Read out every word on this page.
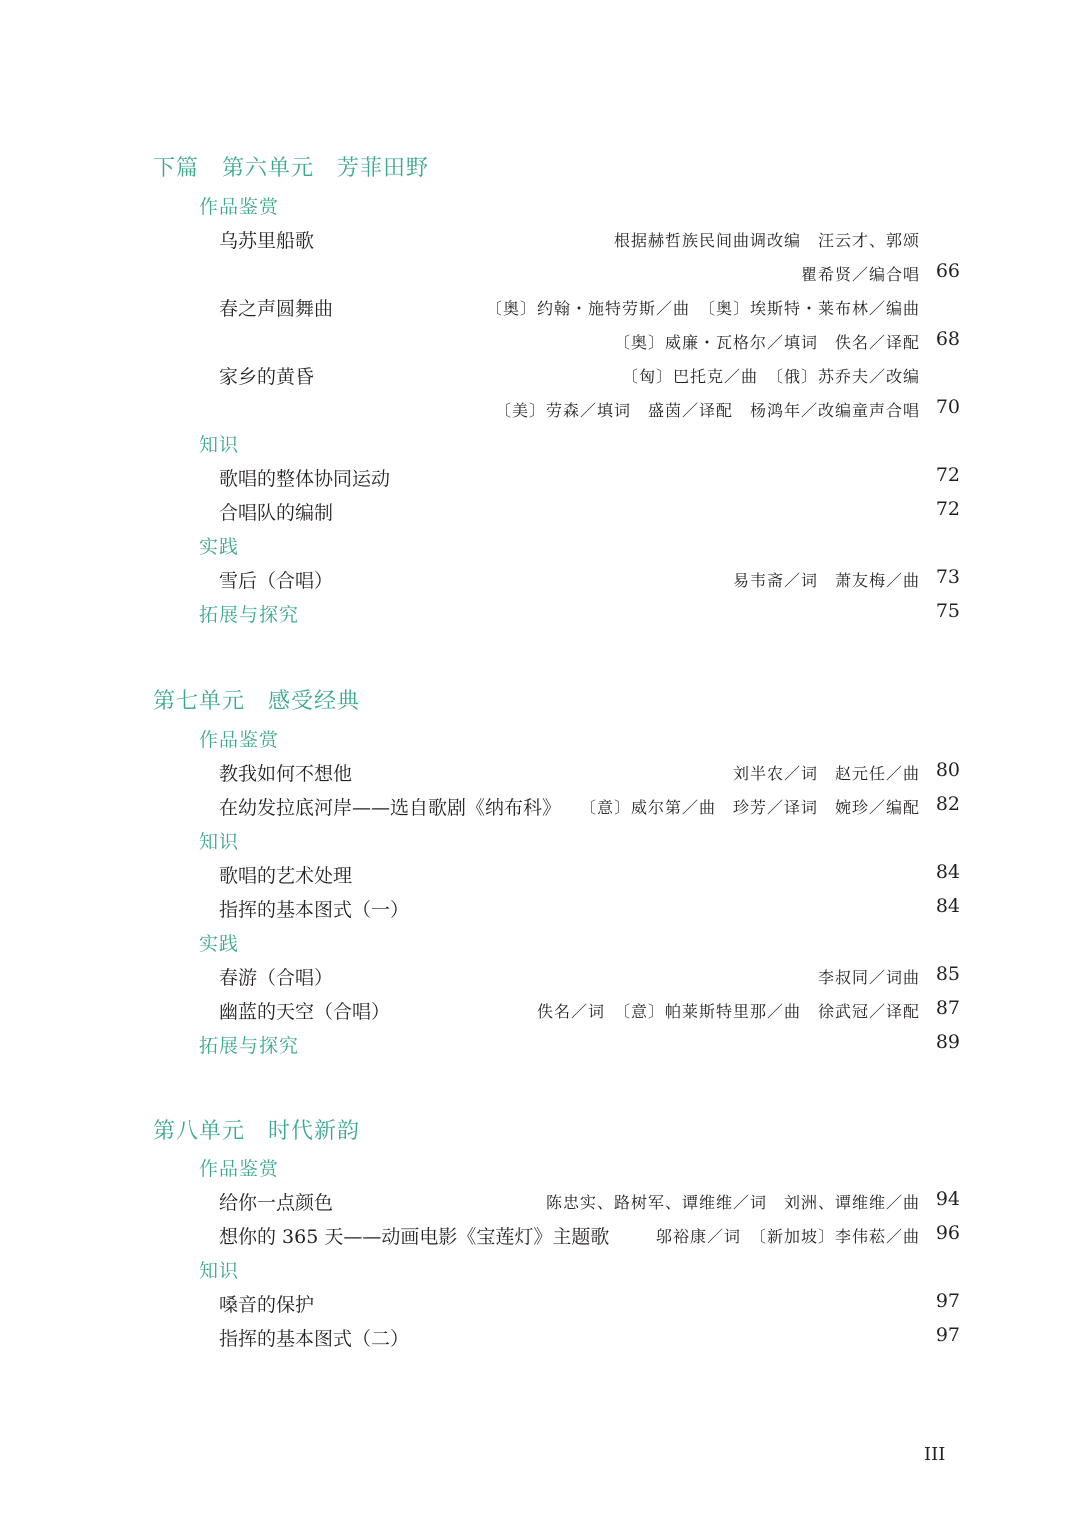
下篇　第六单元　芳菲田野
作品鉴赏
乌苏里船歌	根据赫哲族民间曲调改编　汪云才、郭颂
瞿希贤／编合唱 66
春之声圆舞曲	〔奥〕约翰・施特劳斯／曲　〔奥〕埃斯特・莱布林／编曲
〔奥〕威廉・瓦格尔／填词　佚名／译配 68
家乡的黄昏	〔匈〕巴托克／曲　〔俄〕苏乔夫／改编
〔美〕劳森／填词　盛茵／译配　杨鸿年／改编童声合唱 70
知识
歌唱的整体协同运动	72
合唱队的编制	72
实践
雪后（合唱）	易韦斋／词　萧友梅／曲 73
拓展与探究	75
第七单元　感受经典
作品鉴赏
教我如何不想他	刘半农／词　赵元任／曲 80
在幼发拉底河岸——选自歌剧《纳布科》 〔意〕威尔第／曲　珍芳／译词　婉珍／编配 82
知识
歌唱的艺术处理	84
指挥的基本图式（一）	84
实践
春游（合唱）	李叔同／词曲 85
幽蓝的天空（合唱）	佚名／词　〔意〕帕莱斯特里那／曲　徐武冠／译配 87
拓展与探究	89
第八单元　时代新韵
作品鉴赏
给你一点颜色	陈忠实、路树军、谭维维／词　刘洲、谭维维／曲 94
想你的 365 天——动画电影《宝莲灯》主题歌	邬裕康／词　〔新加坡〕李伟菘／曲 96
知识
嗓音的保护	97
指挥的基本图式（二）	97
III
